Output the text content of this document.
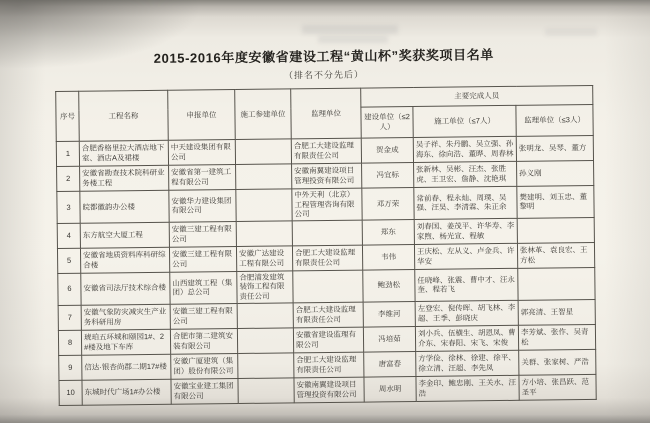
2015-2016年度安徽省建设工程“黄山杯”奖获奖项目名单
（排名不分先后）
序号	工程名称	申报单位	施工参建单位	监理单位	主要完成人员		
					建设单位（≤2人）	施工单位（≤7人）	监理单位（≤3人）
1	合肥香格里拉大酒店地下室、酒店A及裙楼	中天建设集团有限公司		合肥工大建设监理有限责任公司	贺金成	吴子祥、朱丹鹏、吴立强、孙海东、徐向浩、董晔、周春林	张明龙、吴琴、董方
2	安徽省勘查技术院科研业务楼工程	安徽省第一建筑工程有限公司		安徽南翼建设项目管理投资有限公司	冯宜标	张新林、吴彬、汪杰、张胜虎、王卫宏、詹静、沈艳琪	孙义刚
3	皖都徽韵办公楼	安徽华力建设集团有限公司		中外天利（北京）工程管理咨询有限公司	邓万荣	常前春、程永灿、周璞、吴强、汪昊、李清霖、朱正余	樊建明、刘玉忠、董黎明
4	东方航空大厦工程	安徽三建工程有限公司			郑东	刘春国、姜茂平、许华寿、李家煦、杨光宣、程敏	
5	安徽省地质资料库科研综合楼	安徽三建工程有限公司	安徽广达建设工程有限公司	合肥工大建设监理有限责任公司	韦伟	王庆松、左从义、卢金兵、许华安	张林革、袁良宏、王方松
6	安徽省司法厅技术综合楼	山西建筑工程（集团）总公司	合肥浦发建筑装饰工程有限责任公司		鲍劲松	任晓峰、张震、曹中才、汪永奎、程若飞	
7	安徽气象防灾减灾生产业务科研用房	安徽三建工程有限公司		合肥工大建设监理有限责任公司	李维河	左登宏、倪传晖、胡飞林、李超、王季、彭晓庆	郭亮清、王智星
8	琥珀五环城和颐园1#、2#楼及地下车库	合肥市第二建筑安装有限公司		安徽省建设监理有限公司	冯培茹	刘小兵、伍横生、胡恩凤、曹介东、宋春阳、宋飞、宋俊	李芳斌、张作、吴青松
9	信达·银杏尚郡二期17#楼	安徽广厦建筑（集团）股份有限公司		合肥工大建设监理有限责任公司	唐富春	方学俭、徐林、徐建、徐平、徐立清、汪超、李先凤	关群、张家树、严浩
10	东城时代广场1#办公楼	安徽宝业建工集团有限公司		安徽南翼建设项目管理投资有限公司	周水明	李金印、鲍忠刚、王关水、汪浩	方小培、张昌跃、范圣平
